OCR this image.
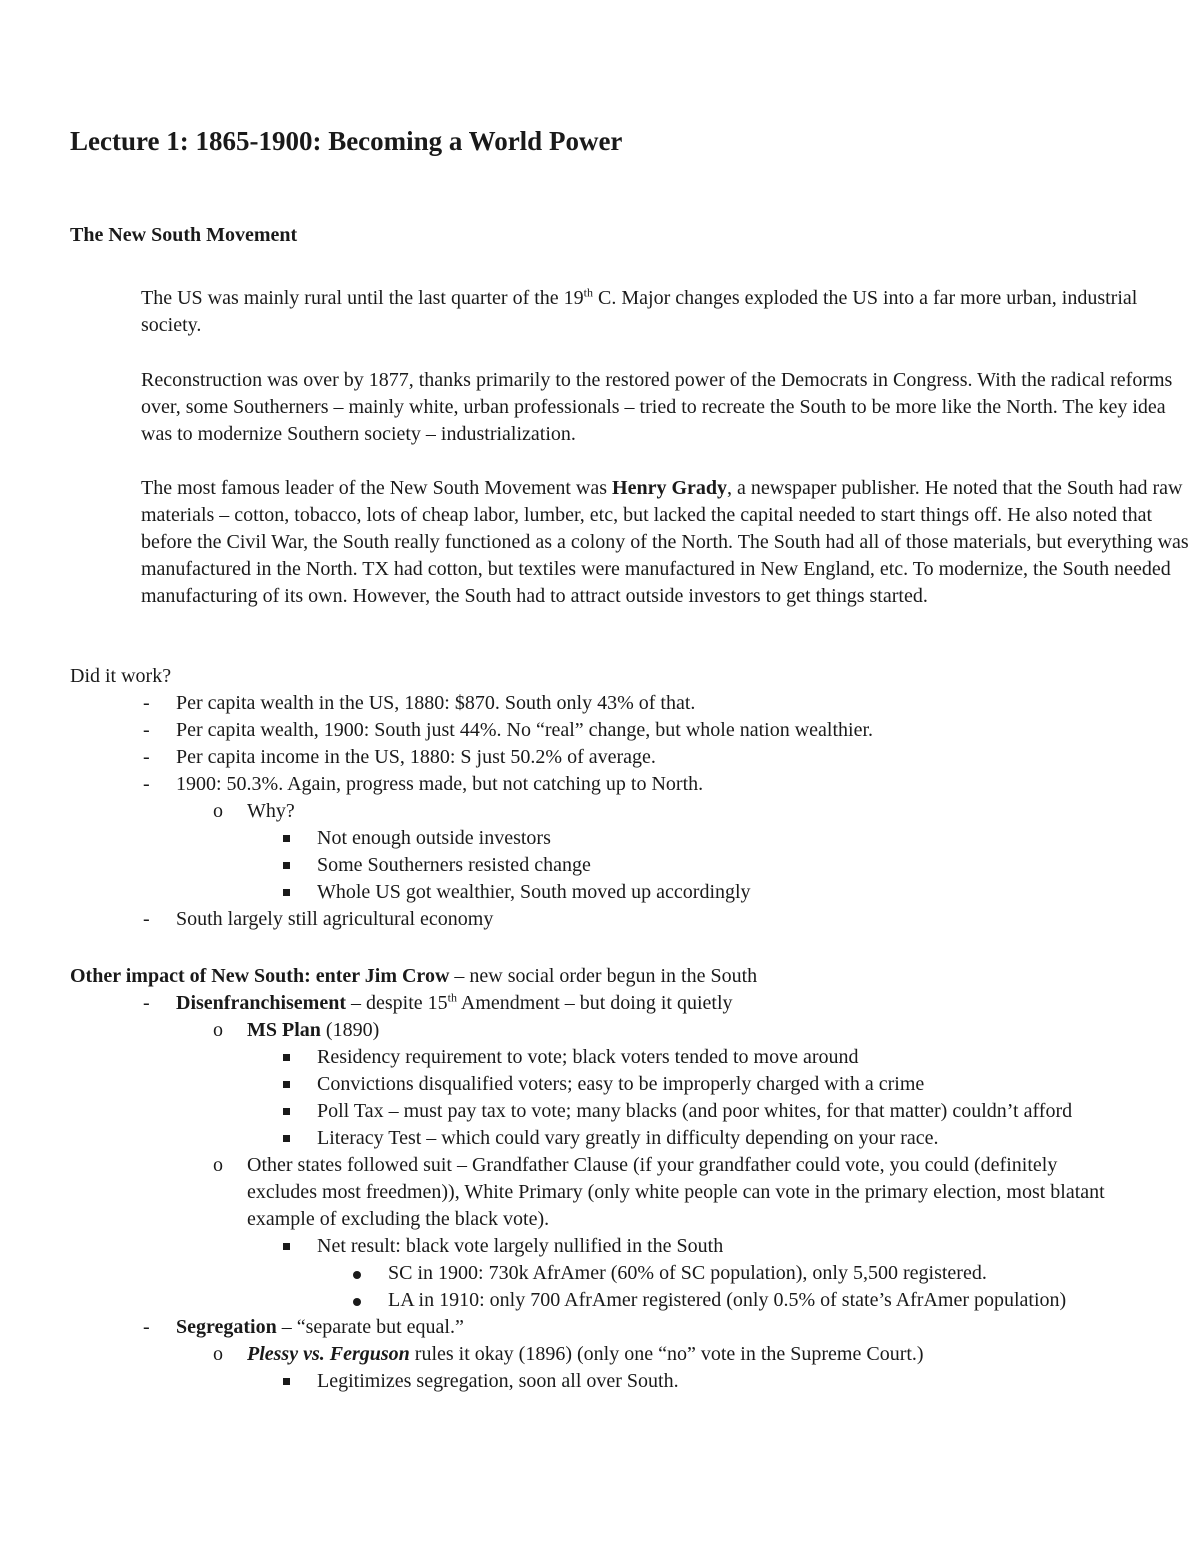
Lecture 1: 1865-1900: Becoming a World Power
The New South Movement
The US was mainly rural until the last quarter of the 19th C. Major changes exploded the US into a far more urban, industrial society.
Reconstruction was over by 1877, thanks primarily to the restored power of the Democrats in Congress. With the radical reforms over, some Southerners – mainly white, urban professionals – tried to recreate the South to be more like the North. The key idea was to modernize Southern society – industrialization.
The most famous leader of the New South Movement was Henry Grady, a newspaper publisher. He noted that the South had raw materials – cotton, tobacco, lots of cheap labor, lumber, etc, but lacked the capital needed to start things off. He also noted that before the Civil War, the South really functioned as a colony of the North. The South had all of those materials, but everything was manufactured in the North. TX had cotton, but textiles were manufactured in New England, etc. To modernize, the South needed manufacturing of its own. However, the South had to attract outside investors to get things started.
Did it work?
- Per capita wealth in the US, 1880: $870. South only 43% of that.
- Per capita wealth, 1900: South just 44%. No “real” change, but whole nation wealthier.
- Per capita income in the US, 1880: S just 50.2% of average.
- 1900: 50.3%. Again, progress made, but not catching up to North.
o Why?
Not enough outside investors
Some Southerners resisted change
Whole US got wealthier, South moved up accordingly
- South largely still agricultural economy
Other impact of New South: enter Jim Crow – new social order begun in the South
- Disenfranchisement – despite 15th Amendment – but doing it quietly
o MS Plan (1890)
Residency requirement to vote; black voters tended to move around
Convictions disqualified voters; easy to be improperly charged with a crime
Poll Tax – must pay tax to vote; many blacks (and poor whites, for that matter) couldn’t afford
Literacy Test – which could vary greatly in difficulty depending on your race.
o Other states followed suit – Grandfather Clause (if your grandfather could vote, you could (definitely excludes most freedmen)), White Primary (only white people can vote in the primary election, most blatant example of excluding the black vote).
Net result: black vote largely nullified in the South
SC in 1900: 730k AfrAmer (60% of SC population), only 5,500 registered.
LA in 1910: only 700 AfrAmer registered (only 0.5% of state’s AfrAmer population)
- Segregation – “separate but equal.”
o Plessy vs. Ferguson rules it okay (1896) (only one “no” vote in the Supreme Court.)
Legitimizes segregation, soon all over South.
